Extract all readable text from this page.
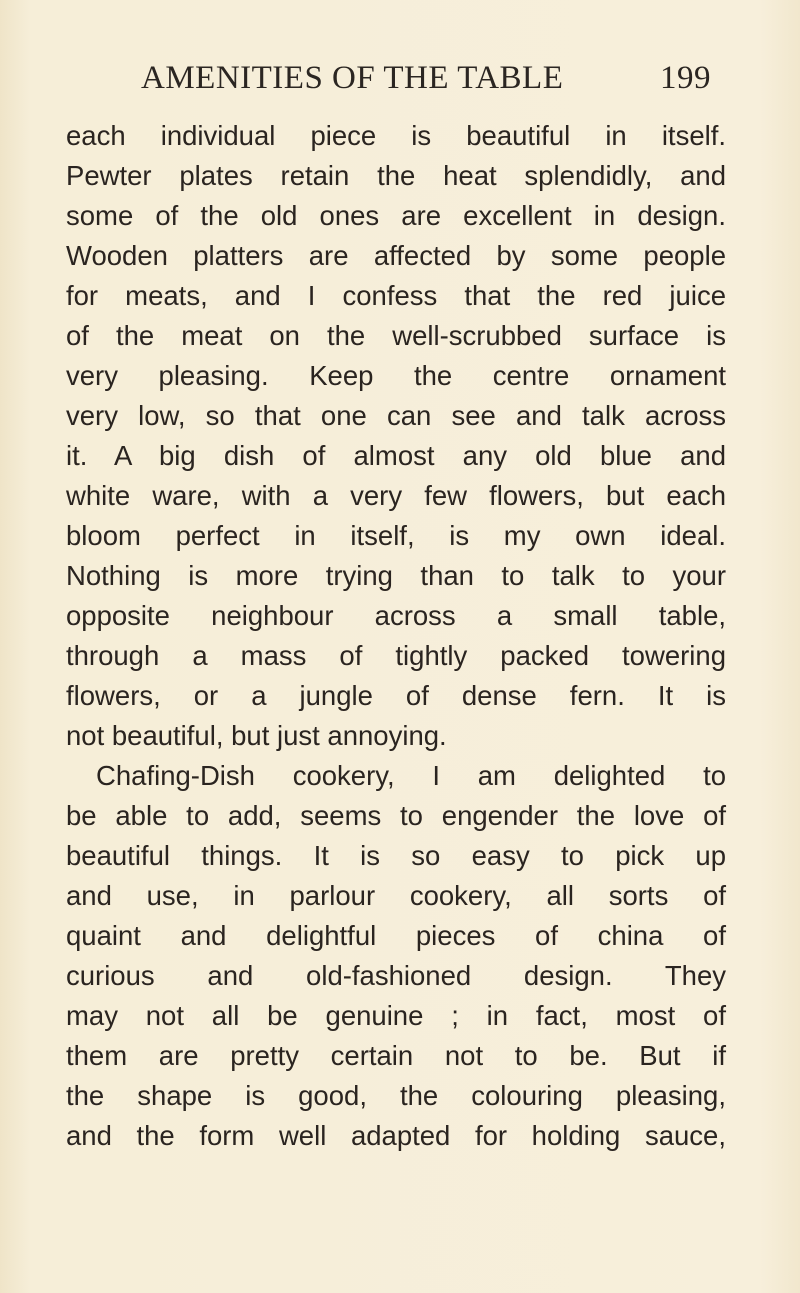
AMENITIES OF THE TABLE	199
each individual piece is beautiful in itself.
Pewter plates retain the heat splendidly, and
some of the old ones are excellent in design.
Wooden platters are affected by some people
for meats, and I confess that the red juice
of the meat on the well-scrubbed surface is
very pleasing. Keep the centre ornament
very low, so that one can see and talk across
it. A big dish of almost any old blue and
white ware, with a very few flowers, but each
bloom perfect in itself, is my own ideal.
Nothing is more trying than to talk to your
opposite neighbour across a small table,
through a mass of tightly packed towering
flowers, or a jungle of dense fern. It is
not beautiful, but just annoying.
Chafing-Dish cookery, I am delighted to
be able to add, seems to engender the love of
beautiful things. It is so easy to pick up
and use, in parlour cookery, all sorts of
quaint and delightful pieces of china of
curious and old-fashioned design. They
may not all be genuine ; in fact, most of
them are pretty certain not to be. But if
the shape is good, the colouring pleasing,
and the form well adapted for holding sauce,
